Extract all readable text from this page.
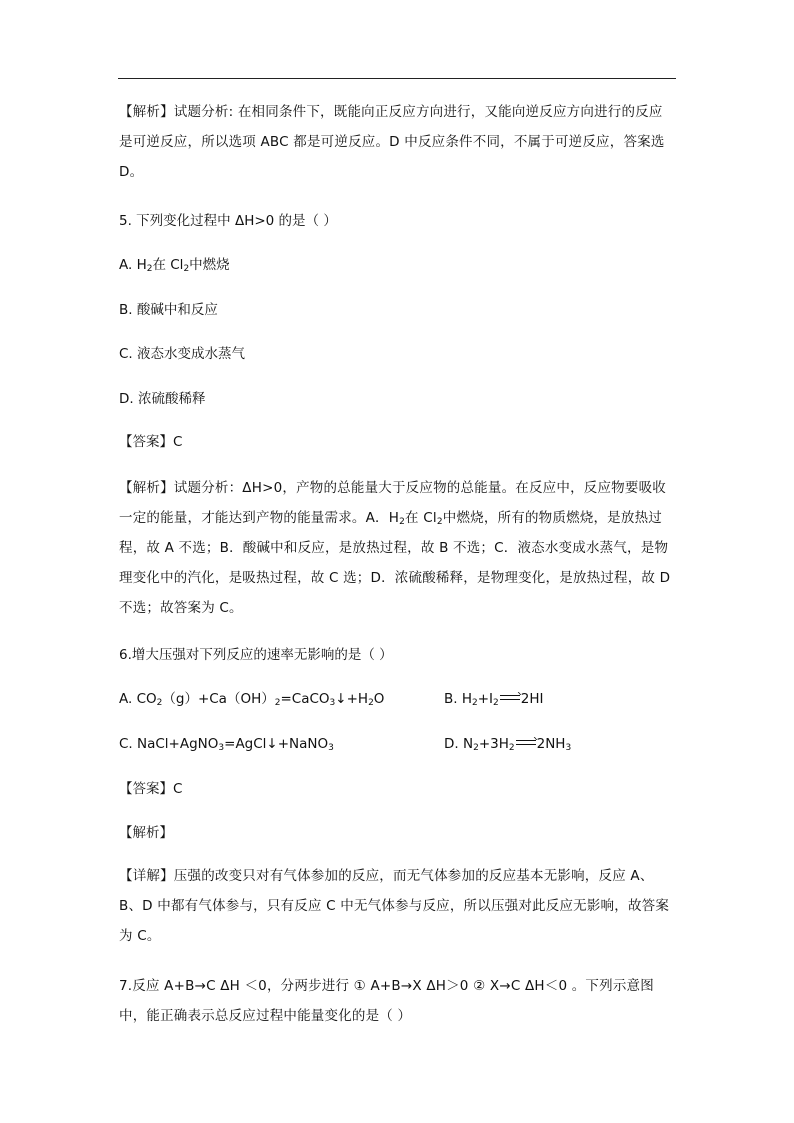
【解析】试题分析: 在相同条件下，既能向正反应方向进行，又能向逆反应方向进行的反应
是可逆反应，所以选项 ABC 都是可逆反应。D 中反应条件不同，不属于可逆反应，答案选
D。
5. 下列变化过程中 ΔH>0 的是（ ）
A. $H_2$在 $Cl_2$中燃烧
B. 酸碱中和反应
C. 液态水变成水蒸气
D. 浓硫酸稀释
【答案】C
【解析】试题分析：ΔH>0，产物的总能量大于反应物的总能量。在反应中，反应物要吸收
一定的能量，才能达到产物的能量需求。A．$H_2$在 $Cl_2$中燃烧，所有的物质燃烧，是放热过
程，故 A 不选；B．酸碱中和反应，是放热过程，故 B 不选；C．液态水变成水蒸气，是物
理变化中的汽化，是吸热过程，故 C 选；D．浓硫酸稀释，是物理变化，是放热过程，故 D
不选；故答案为 C。
6.增大压强对下列反应的速率无影响的是（ ）
A. $CO_2(g)+Ca(OH)_2=CaCO_3↓+H_2O$	B. $H_2+I_2$ 2HI
C. NaCl+AgNO$_3$=AgCl↓+NaNO$_3$	D. $N_2+3H_2$ $2NH_3$
【答案】C
【解析】
【详解】压强的改变只对有气体参加的反应，而无气体参加的反应基本无影响，反应 A、
B、D 中都有气体参与，只有反应 C 中无气体参与反应，所以压强对此反应无影响，故答案
为 C。
7.反应 A+B→C ΔH ＜0，分两步进行 ① A+B→X ΔH＞0 ② X→C ΔH＜0 。下列示意图
中，能正确表示总反应过程中能量变化的是（ ）
